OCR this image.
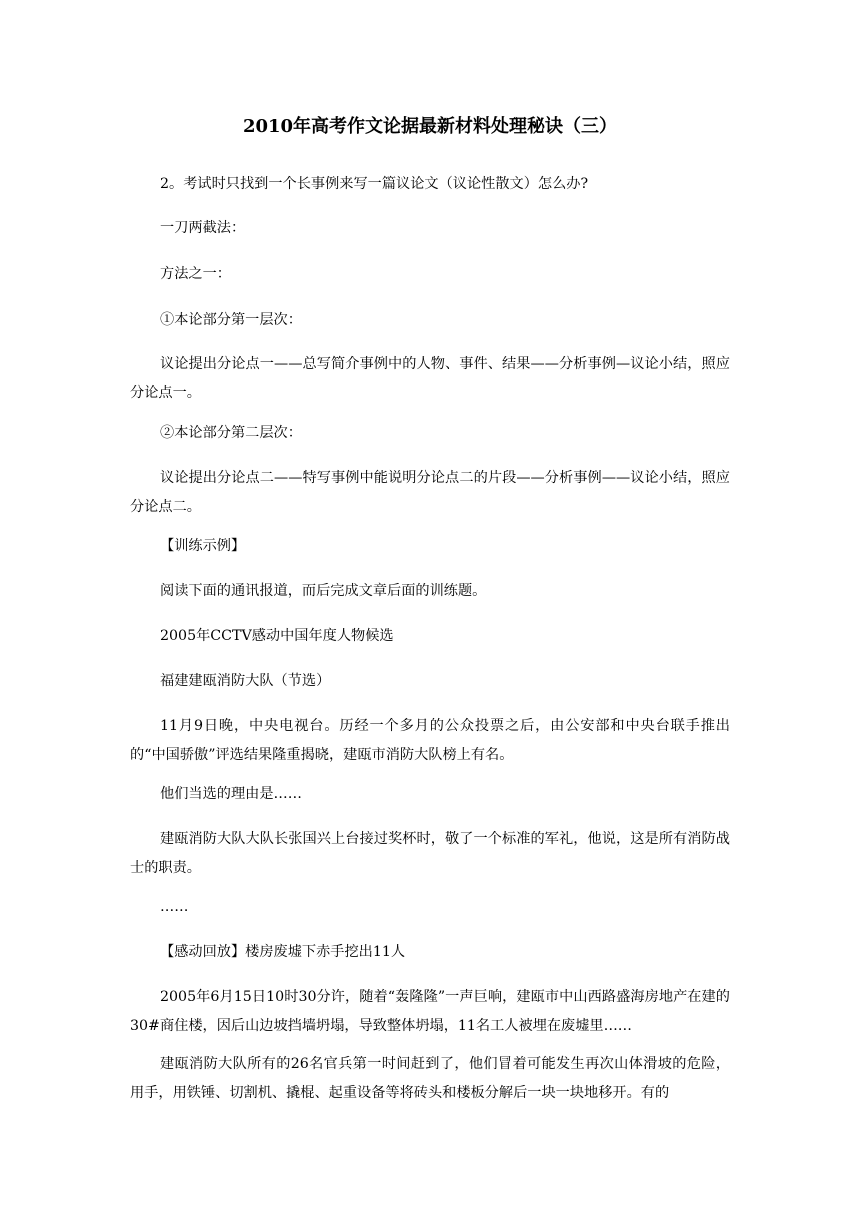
2010年高考作文论据最新材料处理秘诀（三）

2。考试时只找到一个长事例来写一篇议论文（议论性散文）怎么办?

一刀两截法：

方法之一：

①本论部分第一层次：

议论提出分论点一——总写简介事例中的人物、事件、结果——分析事例—议论小结，照应分论点一。

②本论部分第二层次：

议论提出分论点二——特写事例中能说明分论点二的片段——分析事例——议论小结，照应分论点二。

【训练示例】

阅读下面的通讯报道，而后完成文章后面的训练题。

2005年CCTV感动中国年度人物候选

福建建瓯消防大队（节选）

11月9日晚，中央电视台。历经一个多月的公众投票之后，由公安部和中央台联手推出的“中国骄傲”评选结果隆重揭晓，建瓯市消防大队榜上有名。

他们当选的理由是……

建瓯消防大队大队长张国兴上台接过奖杯时，敬了一个标准的军礼，他说，这是所有消防战士的职责。

……

【感动回放】楼房废墟下赤手挖出11人

2005年6月15日10时30分许，随着“轰隆隆”一声巨响，建瓯市中山西路盛海房地产在建的30#商住楼，因后山边坡挡墙坍塌，导致整体坍塌，11名工人被埋在废墟里……

建瓯消防大队所有的26名官兵第一时间赶到了，他们冒着可能发生再次山体滑坡的危险，用手，用铁锤、切割机、撬棍、起重设备等将砖头和楼板分解后一块一块地移开。有的
